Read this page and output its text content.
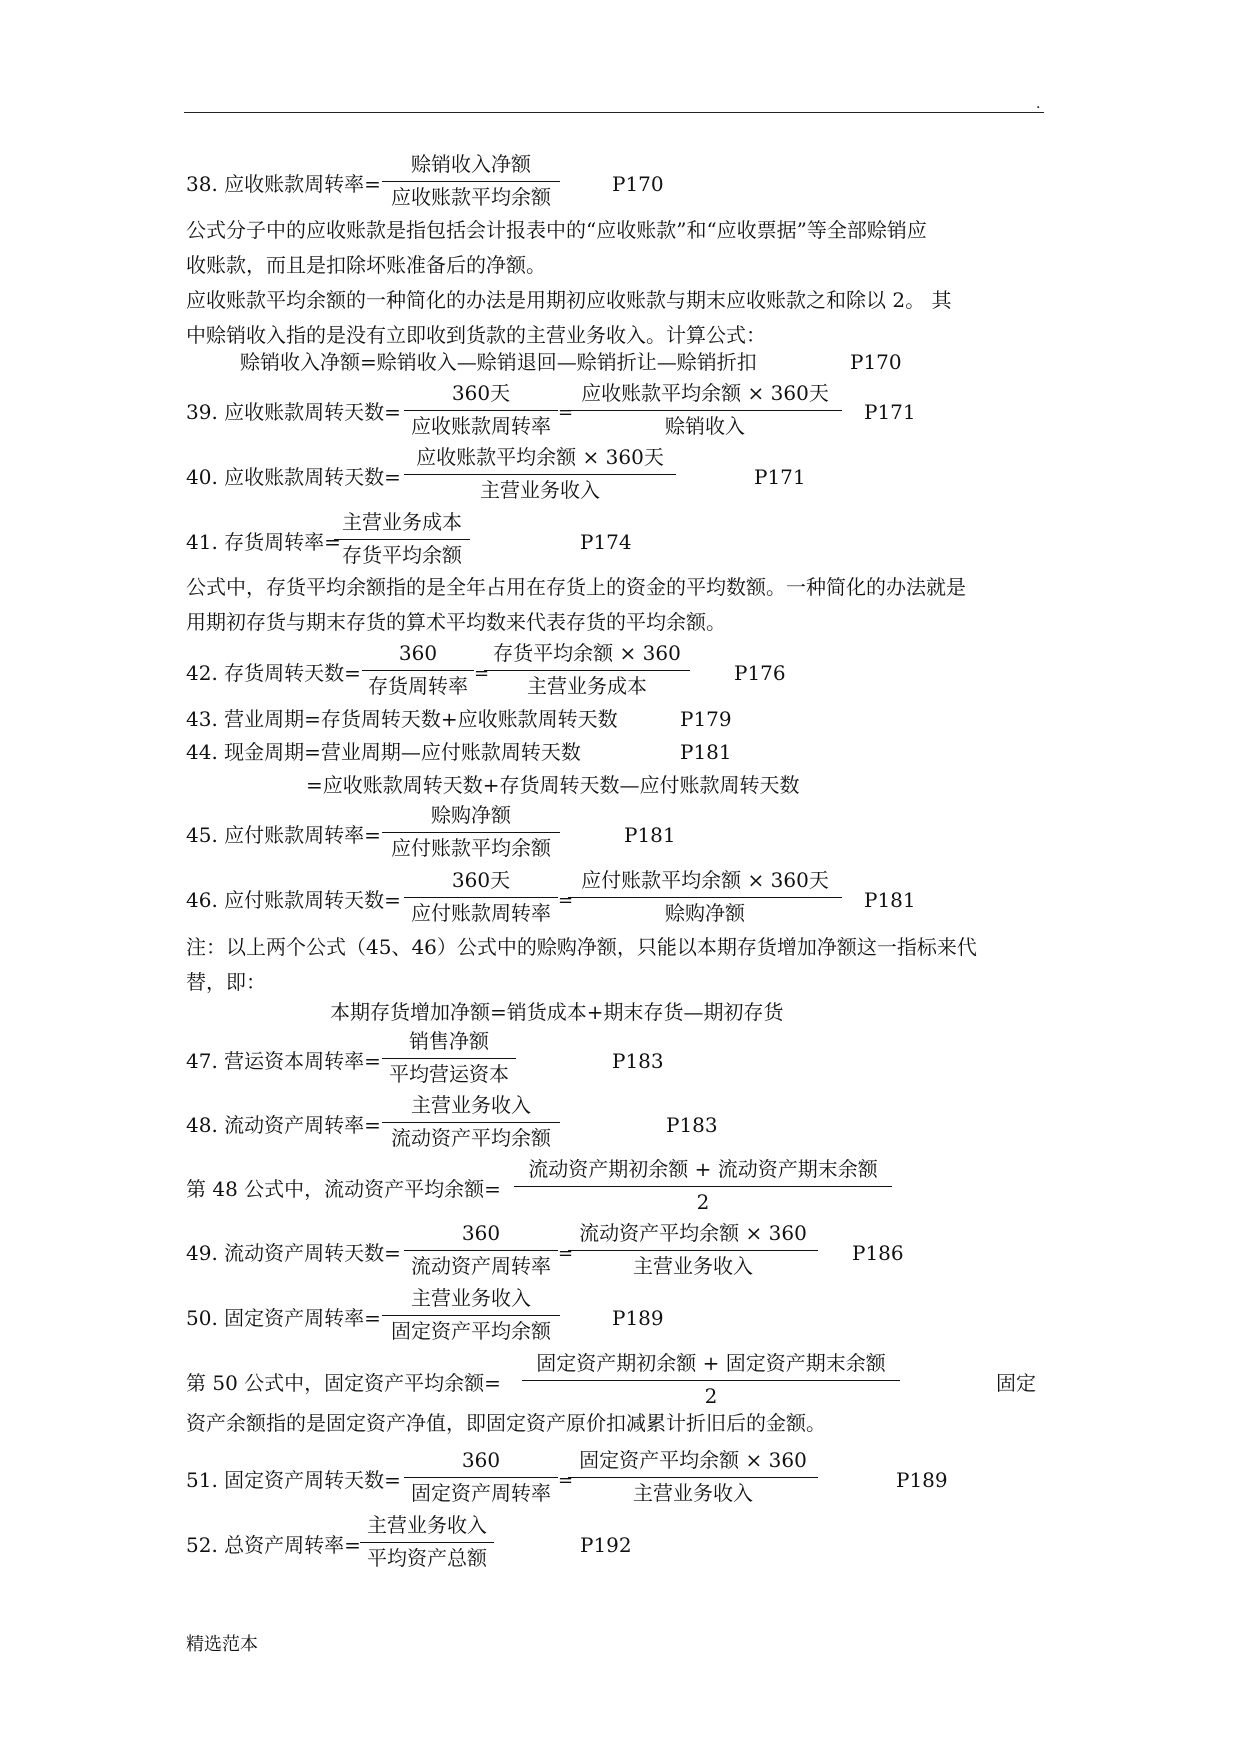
.
38. 应收账款周转率=
赊销收入净额
应收账款平均余额
P170
公式分子中的应收账款是指包括会计报表中的“应收账款”和“应收票据”等全部赊销应
收账款，而且是扣除坏账准备后的净额。
应收账款平均余额的一种简化的办法是用期初应收账款与期末应收账款之和除以 2。 其
中赊销收入指的是没有立即收到货款的主营业务收入。计算公式：
赊销收入净额=赊销收入—赊销退回—赊销折让—赊销折扣	P170
39. 应收账款周转天数=
360天
应收账款周转率
=
应收账款平均余额 × 360天
赊销收入
P171
40. 应收账款周转天数=
应收账款平均余额 × 360天
主营业务收入
P171
41. 存货周转率=
主营业务成本
存货平均余额
P174
公式中，存货平均余额指的是全年占用在存货上的资金的平均数额。一种简化的办法就是
用期初存货与期末存货的算术平均数来代表存货的平均余额。
42. 存货周转天数=
360
存货周转率
=
存货平均余额 × 360
主营业务成本
P176
43. 营业周期=存货周转天数+应收账款周转天数	P179
44. 现金周期=营业周期—应付账款周转天数	P181
=应收账款周转天数+存货周转天数—应付账款周转天数
45. 应付账款周转率=
赊购净额
应付账款平均余额
P181
46. 应付账款周转天数=
360天
应付账款周转率
=
应付账款平均余额 × 360天
赊购净额
P181
注：以上两个公式（45、46）公式中的赊购净额，只能以本期存货增加净额这一指标来代
替，即：
本期存货增加净额=销货成本+期末存货—期初存货
47. 营运资本周转率=
销售净额
平均营运资本
P183
48. 流动资产周转率=
主营业务收入
流动资产平均余额
P183
第 48 公式中，流动资产平均余额=
流动资产期初余额 + 流动资产期末余额
2
49. 流动资产周转天数=
360
流动资产周转率
=
流动资产平均余额 × 360
主营业务收入
P186
50. 固定资产周转率=
主营业务收入
固定资产平均余额
P189
第 50 公式中，固定资产平均余额=
固定资产期初余额 + 固定资产期末余额
2
固定
资产余额指的是固定资产净值，即固定资产原价扣减累计折旧后的金额。
51. 固定资产周转天数=
360
固定资产周转率
=
固定资产平均余额 × 360
主营业务收入
P189
52. 总资产周转率=
主营业务收入
平均资产总额
P192
精选范本
